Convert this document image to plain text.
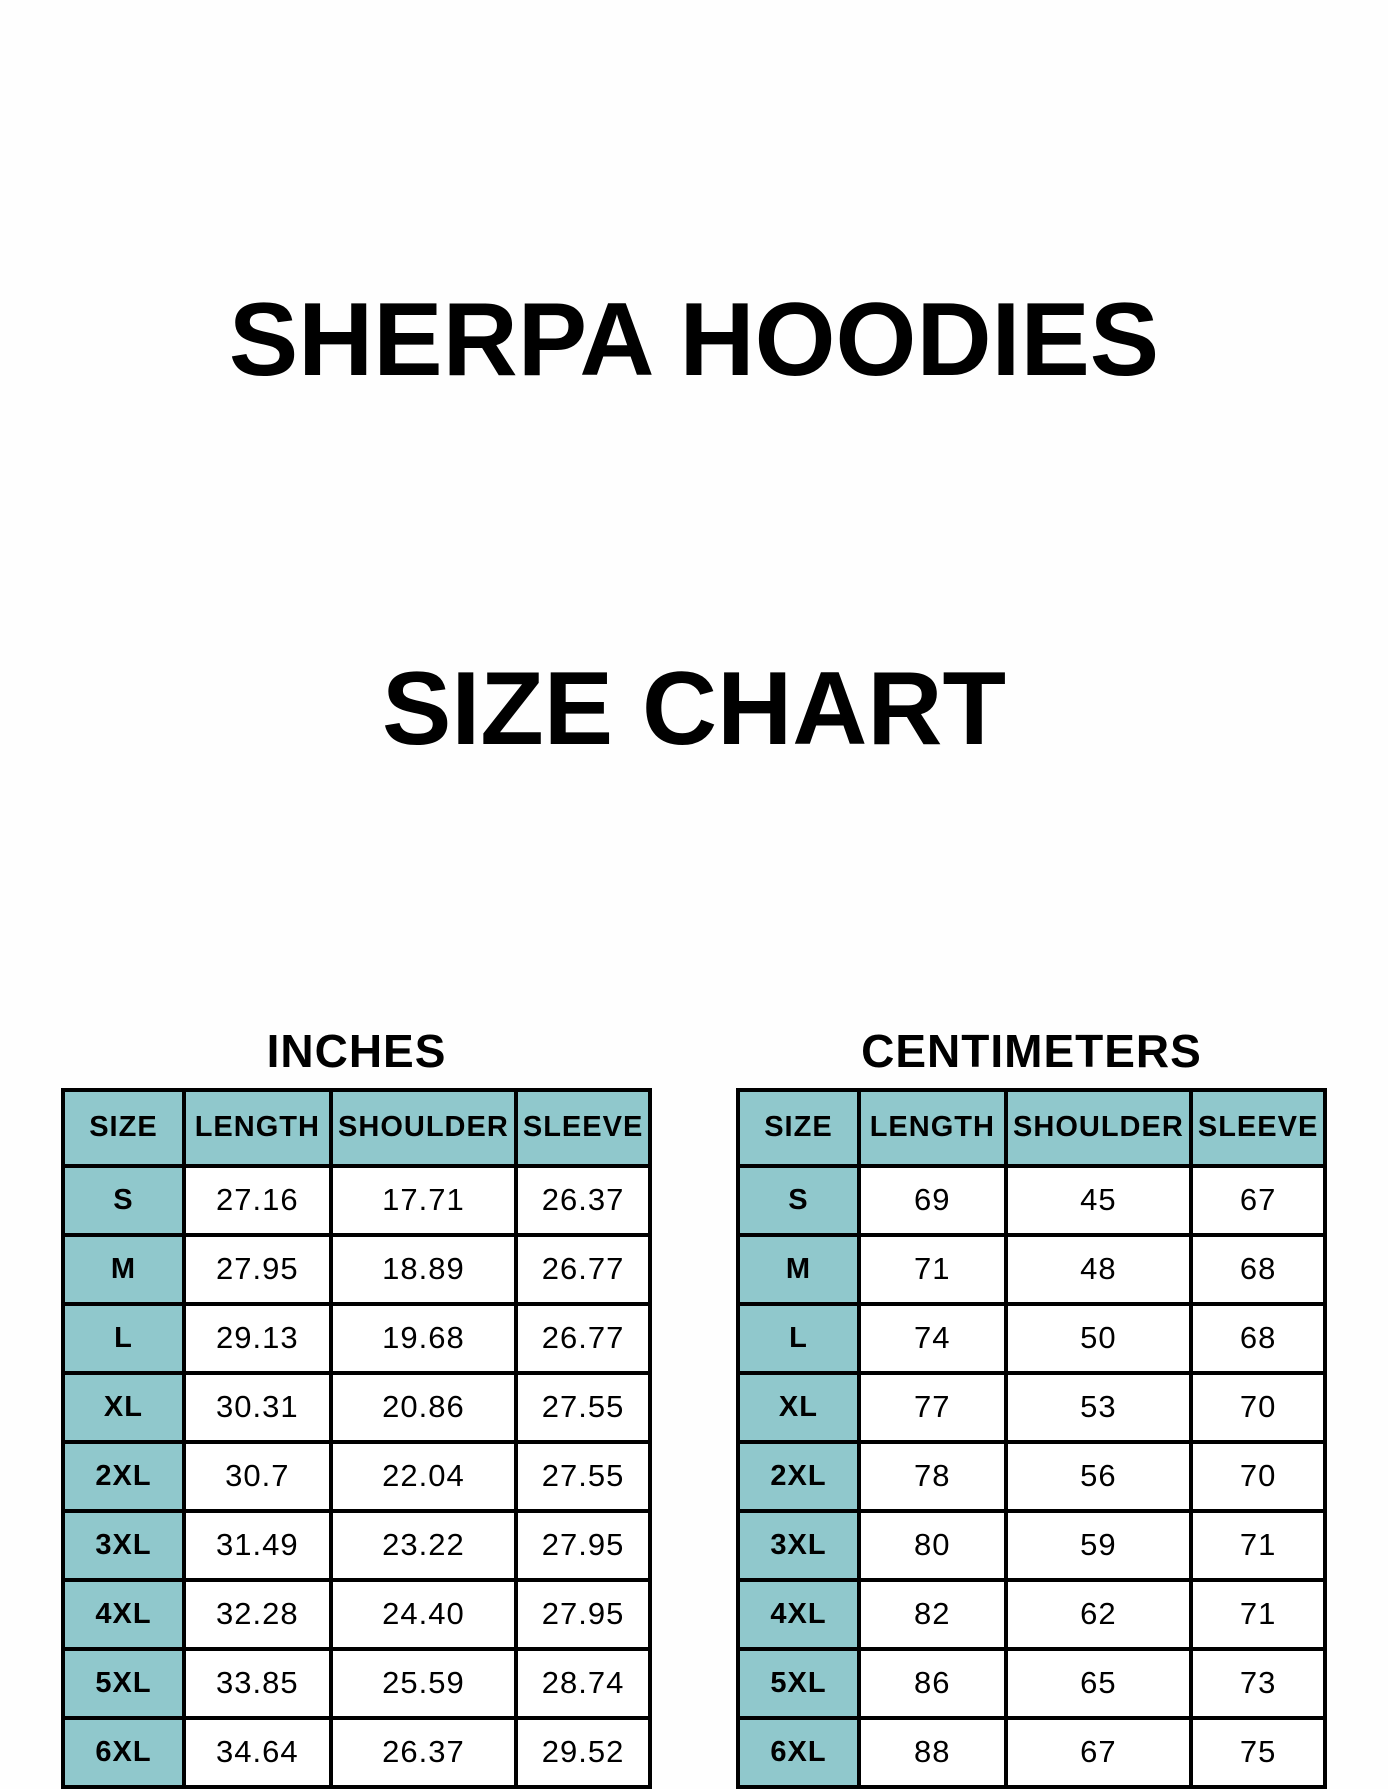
SHERPA HOODIES

SIZE CHART

INCHES
SIZE	LENGTH	SHOULDER	SLEEVE
S	27.16	17.71	26.37
M	27.95	18.89	26.77
L	29.13	19.68	26.77
XL	30.31	20.86	27.55
2XL	30.7	22.04	27.55
3XL	31.49	23.22	27.95
4XL	32.28	24.40	27.95
5XL	33.85	25.59	28.74
6XL	34.64	26.37	29.52
CENTIMETERS
SIZE	LENGTH	SHOULDER	SLEEVE
S	69	45	67
M	71	48	68
L	74	50	68
XL	77	53	70
2XL	78	56	70
3XL	80	59	71
4XL	82	62	71
5XL	86	65	73
6XL	88	67	75
